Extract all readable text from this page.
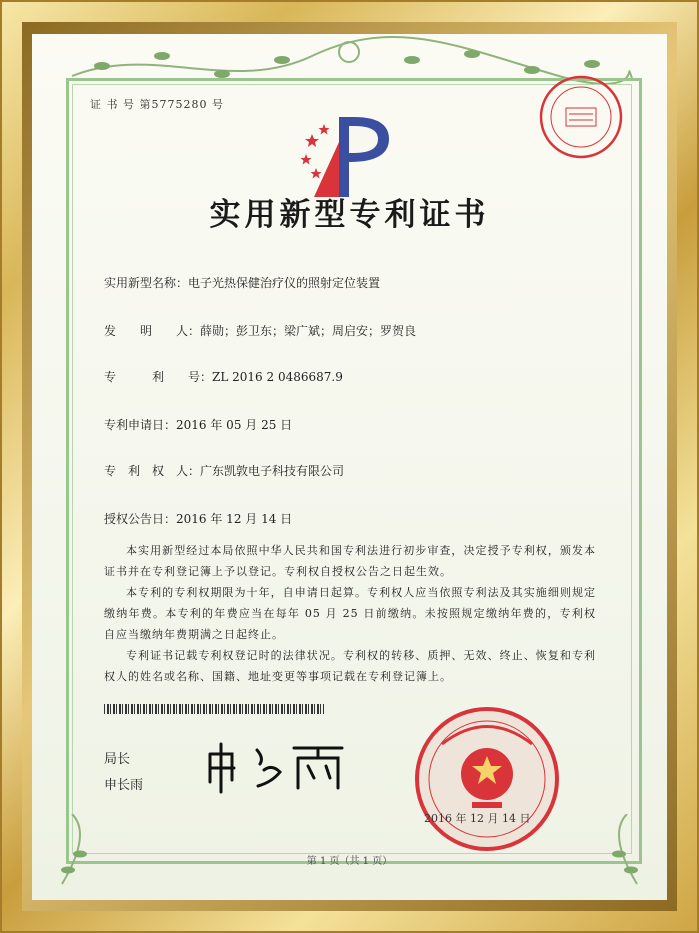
证 书 号 第5775280 号
实用新型专利证书
实用新型名称：电子光热保健治疗仪的照射定位装置
发　　明　　人：薛勋；彭卫东；梁广斌；周启安；罗贺良
专　　　利　　号：ZL 2016 2 0486687.9
专利申请日：2016 年 05 月 25 日
专　利　权　人：广东凯敦电子科技有限公司
授权公告日：2016 年 12 月 14 日
本实用新型经过本局依照中华人民共和国专利法进行初步审查，决定授予专利权，颁发本证书并在专利登记簿上予以登记。专利权自授权公告之日起生效。
本专利的专利权期限为十年，自申请日起算。专利权人应当依照专利法及其实施细则规定缴纳年费。本专利的年费应当在每年 05 月 25 日前缴纳。未按照规定缴纳年费的，专利权自应当缴纳年费期满之日起终止。
专利证书记载专利权登记时的法律状况。专利权的转移、质押、无效、终止、恢复和专利权人的姓名或名称、国籍、地址变更等事项记载在专利登记簿上。
局长
申长雨
2016 年 12 月 14 日
第 1 页（共 1 页）
